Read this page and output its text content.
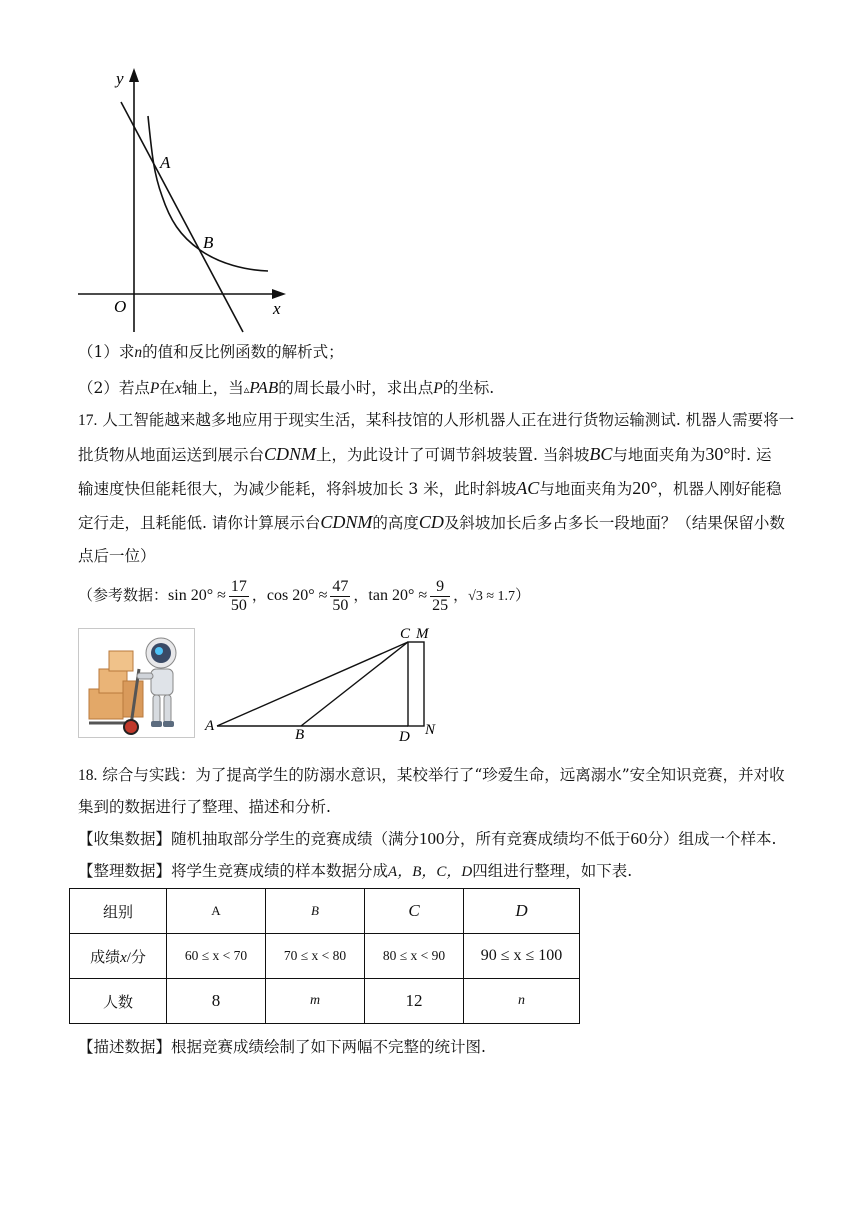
y
x
O
A
B
（1）求n的值和反比例函数的解析式；
（2）若点P在x轴上，当▵PAB的周长最小时，求出点P的坐标.
17. 人工智能越来越多地应用于现实生活，某科技馆的人形机器人正在进行货物运输测试. 机器人需要将一
批货物从地面运送到展示台CDNM上，为此设计了可调节斜坡装置. 当斜坡BC与地面夹角为30°时. 运
输速度快但能耗很大，为减少能耗，将斜坡加长 3 米，此时斜坡AC与地面夹角为20°，机器人刚好能稳
定行走，且耗能低. 请你计算展示台CDNM的高度CD及斜坡加长后多占多长一段地面？（结果保留小数
点后一位）
（参考数据：$\sin 20^\circ \approx \frac{17}{50}$ ，$\cos 20^\circ \approx \frac{47}{50}$ ，$\tan 20^\circ \approx \frac{9}{25}$ ，√3 ≈ 1.7）
A
B
C M
D N
18. 综合与实践：为了提高学生的防溺水意识，某校举行了“珍爱生命，远离溺水”安全知识竞赛，并对收
集到的数据进行了整理、描述和分析.
【收集数据】随机抽取部分学生的竞赛成绩（满分100分，所有竞赛成绩均不低于60分）组成一个样本.
【整理数据】将学生竞赛成绩的样本数据分成A，B，C，D四组进行整理，如下表.
组别	A	B	C	D
成绩x/分	60 ≤ x < 70	70 ≤ x < 80	80 ≤ x < 90	90 ≤ x ≤ 100
人数	8	m	12	n
【描述数据】根据竞赛成绩绘制了如下两幅不完整的统计图.
